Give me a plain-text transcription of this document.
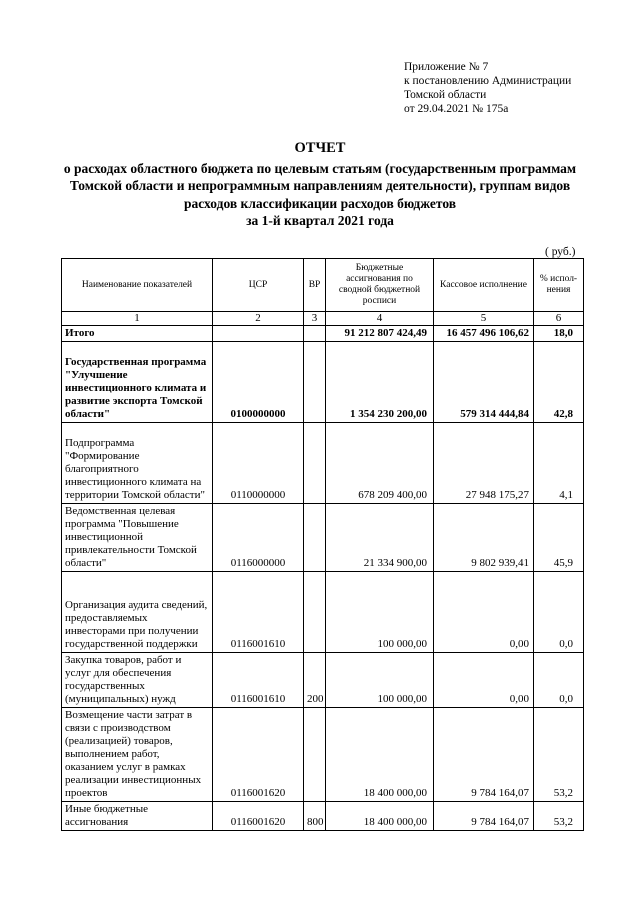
Приложение № 7
к постановлению Администрации
Томской области
от 29.04.2021 № 175а
ОТЧЕТ
о расходах областного бюджета по целевым статьям (государственным программам
Томской области и непрограммным направлениям деятельности), группам видов
расходов классификации расходов бюджетов
за 1-й квартал 2021 года
( руб.)
Наименование показателей	ЦСР	ВР	Бюджетные ассигнования по сводной бюджетной росписи	Кассовое исполнение	% испол-нения
1	2	3	4	5	6
Итого			91 212 807 424,49	16 457 496 106,62	18,0
Государственная программа "Улучшение инвестиционного климата и развитие экспорта Томской области"	0100000000		1 354 230 200,00	579 314 444,84	42,8
Подпрограмма "Формирование благоприятного инвестиционного климата на территории Томской области"	0110000000		678 209 400,00	27 948 175,27	4,1
Ведомственная целевая программа "Повышение инвестиционной привлекательности Томской области"	0116000000		21 334 900,00	9 802 939,41	45,9
Организация аудита сведений, предоставляемых инвесторами при получении государственной поддержки	0116001610		100 000,00	0,00	0,0
Закупка товаров, работ и услуг для обеспечения государственных (муниципальных) нужд	0116001610	200	100 000,00	0,00	0,0
Возмещение части затрат в связи с производством (реализацией) товаров, выполнением работ, оказанием услуг в рамках реализации инвестиционных проектов	0116001620		18 400 000,00	9 784 164,07	53,2
Иные бюджетные ассигнования	0116001620	800	18 400 000,00	9 784 164,07	53,2
